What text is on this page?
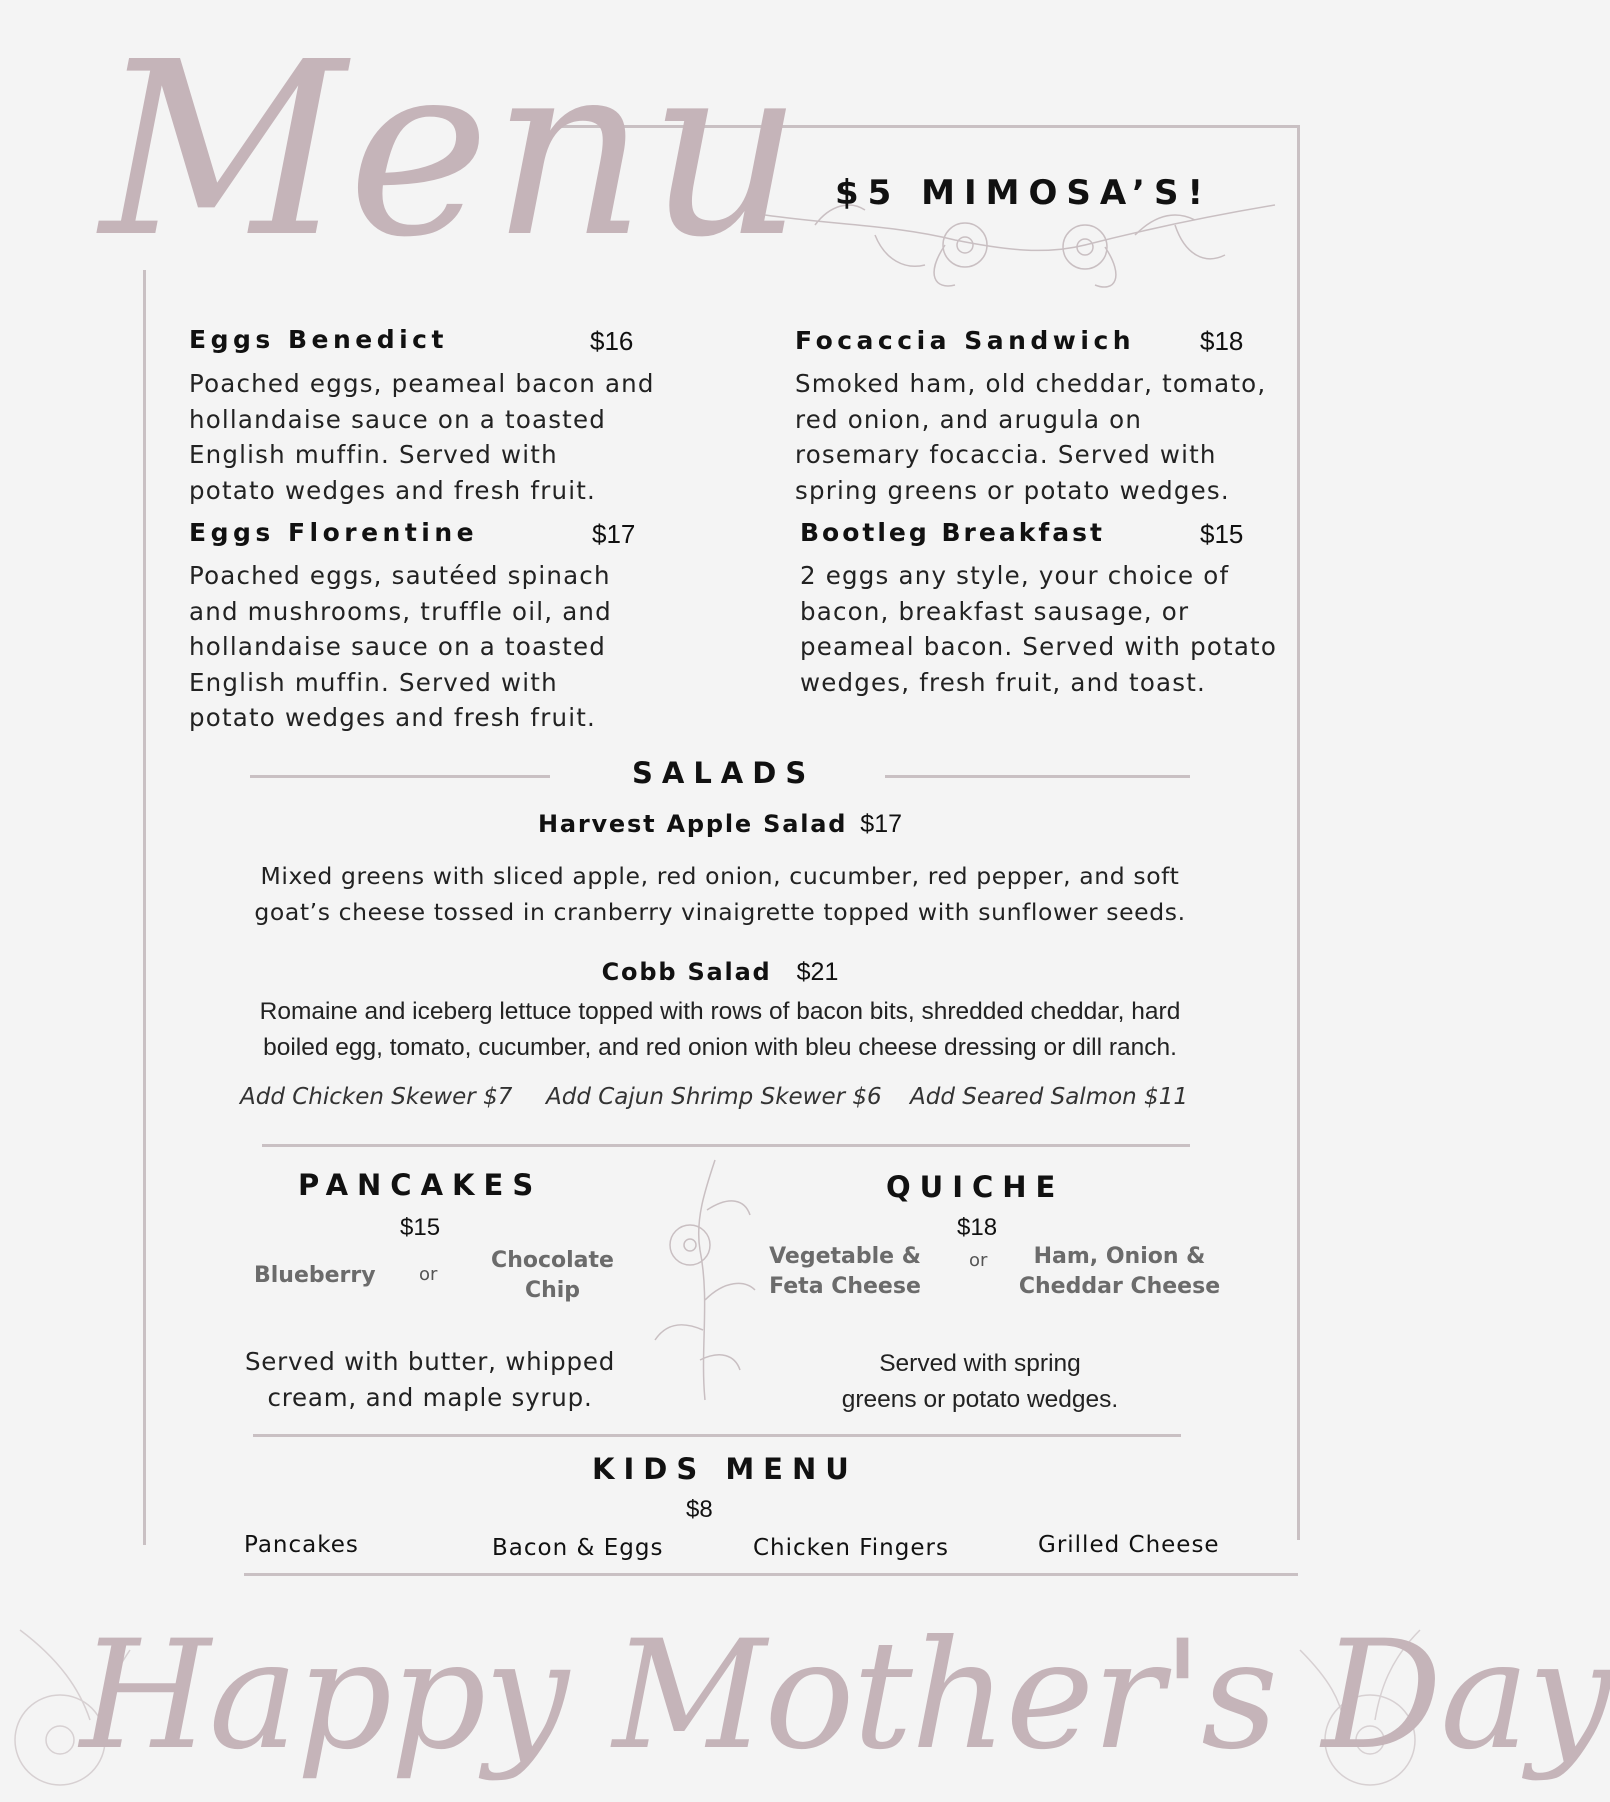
Menu $5 MIMOSA’S!
Eggs Benedict	$16
Poached eggs, peameal bacon and
hollandaise sauce on a toasted
English muffin. Served with
potato wedges and fresh fruit.
Focaccia Sandwich $18
Smoked ham, old cheddar, tomato,
red onion, and arugula on
rosemary focaccia. Served with
spring greens or potato wedges.
Eggs Florentine	$17
Poached eggs, sautéed spinach
and mushrooms, truffle oil, and
hollandaise sauce on a toasted
English muffin. Served with
potato wedges and fresh fruit.
Bootleg Breakfast	$15
2 eggs any style, your choice of
bacon, breakfast sausage, or
peameal bacon. Served with potato
wedges, fresh fruit, and toast.
SALADS
Harvest Apple Salad $17
Mixed greens with sliced apple, red onion, cucumber, red pepper, and soft
goat’s cheese tossed in cranberry vinaigrette topped with sunflower seeds.
Cobb Salad $21
Romaine and iceberg lettuce topped with rows of bacon bits, shredded cheddar, hard
boiled egg, tomato, cucumber, and red onion with bleu cheese dressing or dill ranch.
Add Chicken Skewer $7 Add Cajun Shrimp Skewer $6 Add Seared Salmon $11
PANCAKES
$15
Blueberry or
Chocolate
Chip
Served with butter, whipped
cream, and maple syrup.
QUICHE
$18
Vegetable &
Feta Cheese
or	Ham, Onion &
Cheddar Cheese
Served with spring
greens or potato wedges.
KIDS MENU
$8
Pancakes	Bacon & Eggs	Chicken Fingers	Grilled Cheese
Happy Mother's Day
